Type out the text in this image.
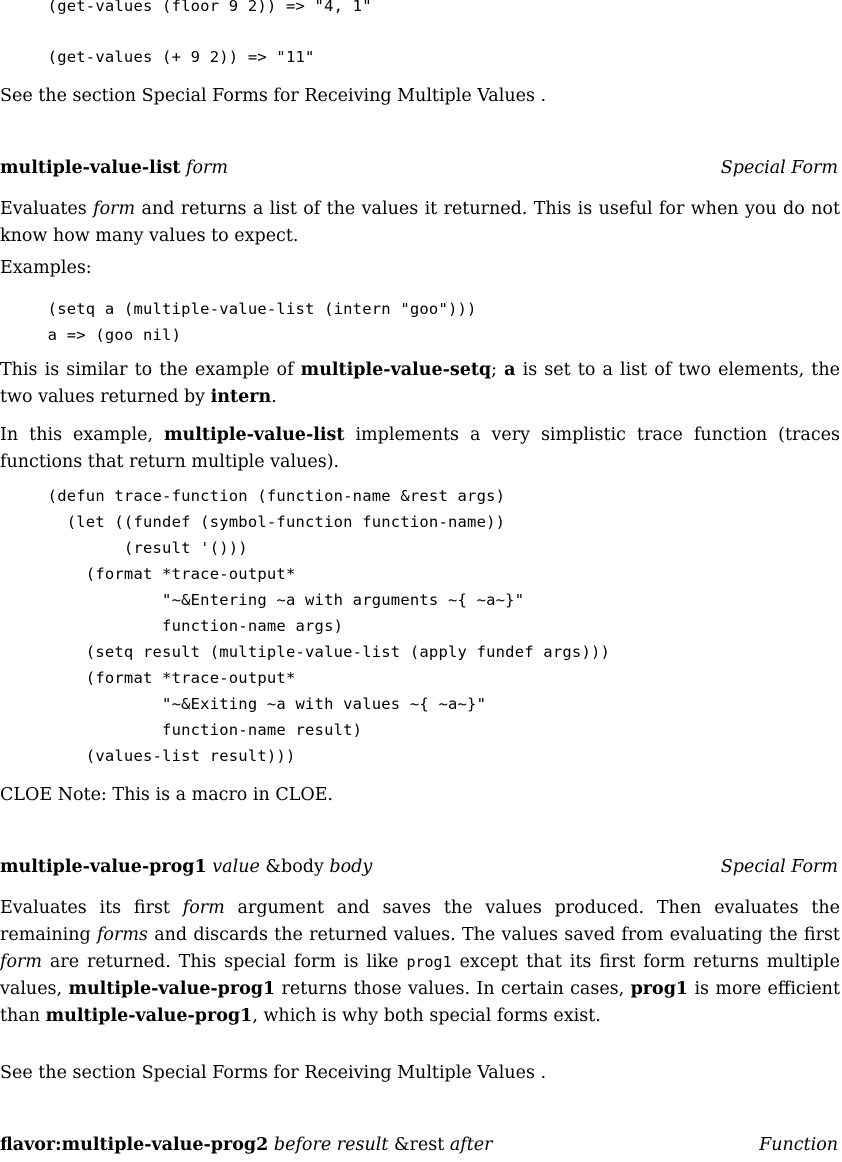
(get-values (floor 9 2)) => "4, 1"
(get-values (+ 9 2)) => "11"
See the section Special Forms for Receiving Multiple Values .
multiple-value-list form	Special Form
Evaluates form and returns a list of the values it returned. This is useful for when you do not know how many values to expect.
Examples:
(setq a (multiple-value-list (intern "goo")))
a => (goo nil)
This is similar to the example of multiple-value-setq; a is set to a list of two elements, the two values returned by intern.
In this example, multiple-value-list implements a very simplistic trace function (traces functions that return multiple values).
(defun trace-function (function-name &rest args)
(let ((fundef (symbol-function function-name))
(result '()))
(format *trace-output*
"~&Entering ~a with arguments ~{ ~a~}"
function-name args)
(setq result (multiple-value-list (apply fundef args)))
(format *trace-output*
"~&Exiting ~a with values ~{ ~a~}"
function-name result)
(values-list result)))
CLOE Note: This is a macro in CLOE.
multiple-value-prog1 value &body body	Special Form
Evaluates its first form argument and saves the values produced. Then evaluates the remaining forms and discards the returned values. The values saved from evaluating the first form are returned. This special form is like prog1 except that its first form returns multiple values, multiple-value-prog1 returns those values. In certain cases, prog1 is more efficient than multiple-value-prog1, which is why both special forms exist.
See the section Special Forms for Receiving Multiple Values .
flavor:multiple-value-prog2 before result &rest after	Function
